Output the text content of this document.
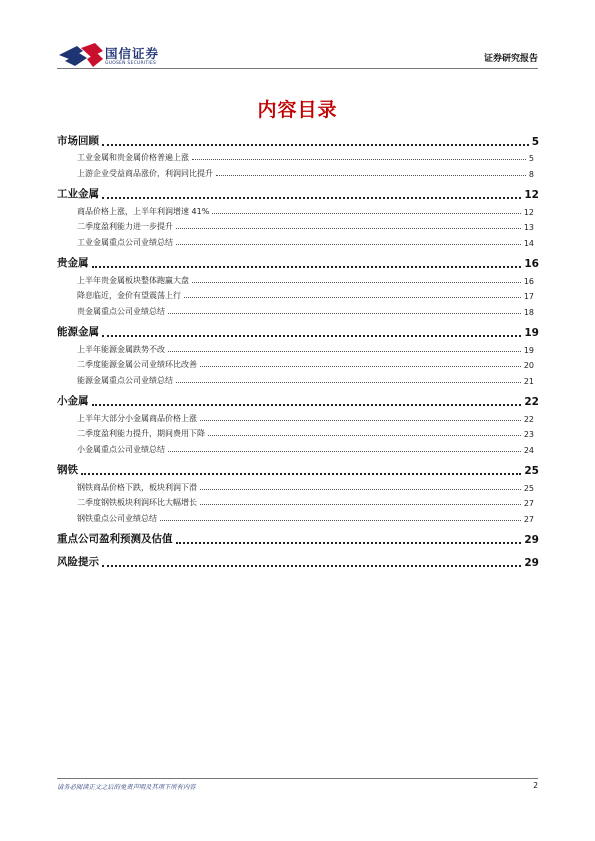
国信证券
GUOSEN SECURITIES	证券研究报告
内容目录
市场回顾	5
工业金属和贵金属价格普遍上涨	5
上游企业受益商品涨价，利润同比提升	8
工业金属	12
商品价格上涨，上半年利润增速 41%	12
二季度盈利能力进一步提升	13
工业金属重点公司业绩总结	14
贵金属	16
上半年贵金属板块整体跑赢大盘	16
降息临近，金价有望震荡上行	17
贵金属重点公司业绩总结	18
能源金属	19
上半年能源金属跌势不改	19
二季度能源金属公司业绩环比改善	20
能源金属重点公司业绩总结	21
小金属	22
上半年大部分小金属商品价格上涨	22
二季度盈利能力提升，期间费用下降	23
小金属重点公司业绩总结	24
钢铁	25
钢铁商品价格下跌，板块利润下滑	25
二季度钢铁板块利润环比大幅增长	27
钢铁重点公司业绩总结	27
重点公司盈利预测及估值	29
风险提示	29
请务必阅读正文之后的免责声明及其项下所有内容	2
